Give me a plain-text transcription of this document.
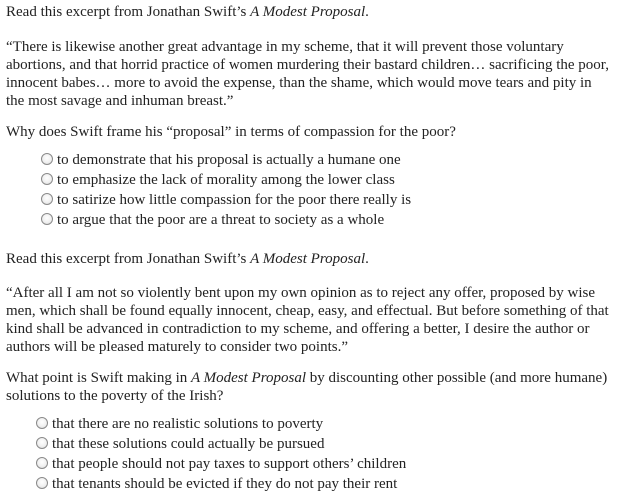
Read this excerpt from Jonathan Swift’s A Modest Proposal.
“There is likewise another great advantage in my scheme, that it will prevent those voluntary abortions, and that horrid practice of women murdering their bastard children… sacrificing the poor, innocent babes… more to avoid the expense, than the shame, which would move tears and pity in the most savage and inhuman breast.”
Why does Swift frame his “proposal” in terms of compassion for the poor?
to demonstrate that his proposal is actually a humane one
to emphasize the lack of morality among the lower class
to satirize how little compassion for the poor there really is
to argue that the poor are a threat to society as a whole
Read this excerpt from Jonathan Swift’s A Modest Proposal.
“After all I am not so violently bent upon my own opinion as to reject any offer, proposed by wise men, which shall be found equally innocent, cheap, easy, and effectual. But before something of that kind shall be advanced in contradiction to my scheme, and offering a better, I desire the author or authors will be pleased maturely to consider two points.”
What point is Swift making in A Modest Proposal by discounting other possible (and more humane) solutions to the poverty of the Irish?
that there are no realistic solutions to poverty
that these solutions could actually be pursued
that people should not pay taxes to support others’ children
that tenants should be evicted if they do not pay their rent
